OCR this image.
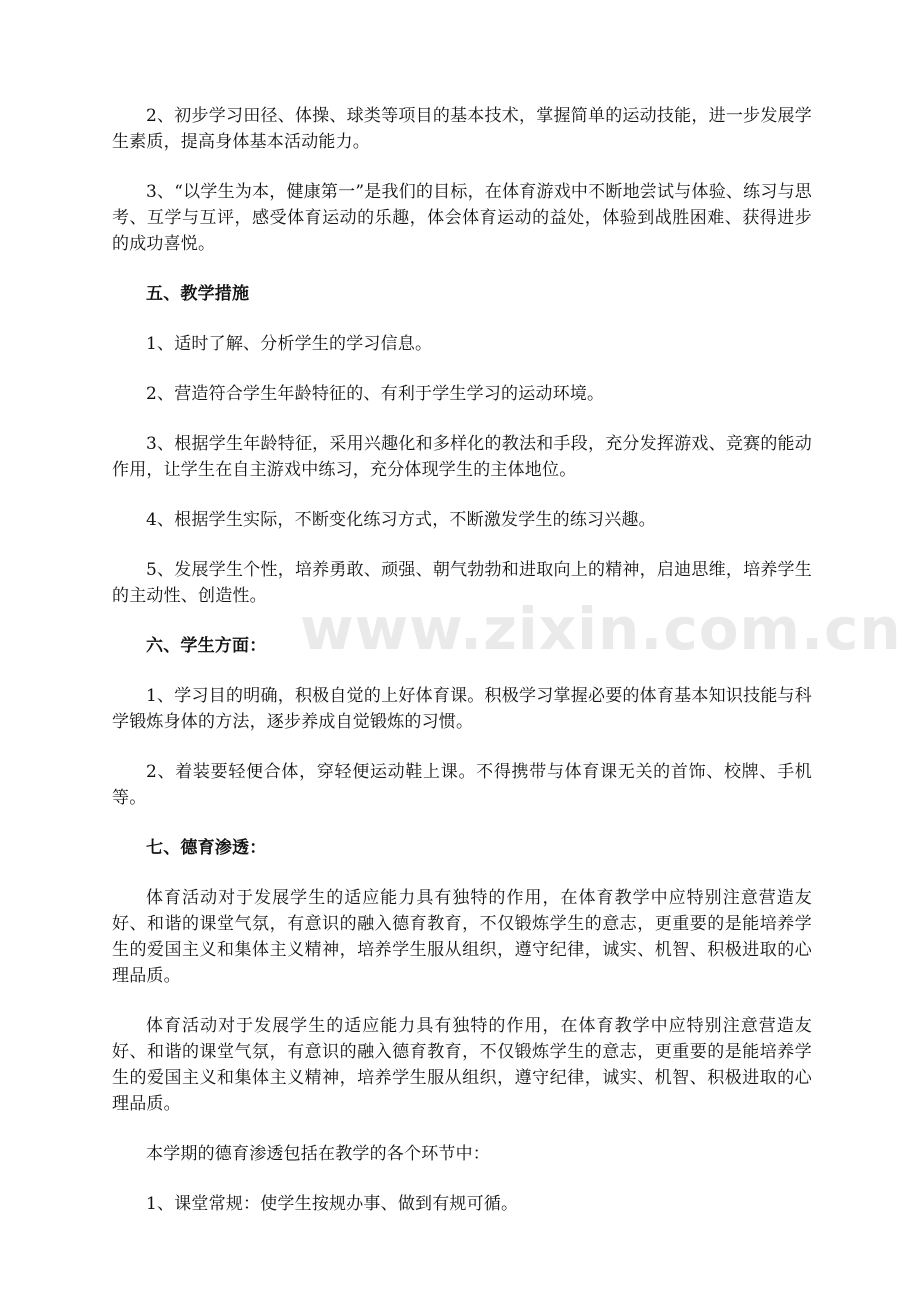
www.zixin.com.cn

2、初步学习田径、体操、球类等项目的基本技术，掌握简单的运动技能，进一步发展学生素质，提高身体基本活动能力。

3、“以学生为本，健康第一”是我们的目标，在体育游戏中不断地尝试与体验、练习与思考、互学与互评，感受体育运动的乐趣，体会体育运动的益处，体验到战胜困难、获得进步的成功喜悦。

五、教学措施

1、适时了解、分析学生的学习信息。

2、营造符合学生年龄特征的、有利于学生学习的运动环境。

3、根据学生年龄特征，采用兴趣化和多样化的教法和手段，充分发挥游戏、竞赛的能动作用，让学生在自主游戏中练习，充分体现学生的主体地位。

4、根据学生实际，不断变化练习方式，不断激发学生的练习兴趣。

5、发展学生个性，培养勇敢、顽强、朝气勃勃和进取向上的精神，启迪思维，培养学生的主动性、创造性。

六、学生方面：

1、学习目的明确，积极自觉的上好体育课。积极学习掌握必要的体育基本知识技能与科学锻炼身体的方法，逐步养成自觉锻炼的习惯。

2、着装要轻便合体，穿轻便运动鞋上课。不得携带与体育课无关的首饰、校牌、手机等。

七、德育渗透：

体育活动对于发展学生的适应能力具有独特的作用，在体育教学中应特别注意营造友好、和谐的课堂气氛，有意识的融入德育教育，不仅锻炼学生的意志，更重要的是能培养学生的爱国主义和集体主义精神，培养学生服从组织，遵守纪律，诚实、机智、积极进取的心理品质。

体育活动对于发展学生的适应能力具有独特的作用，在体育教学中应特别注意营造友好、和谐的课堂气氛，有意识的融入德育教育，不仅锻炼学生的意志，更重要的是能培养学生的爱国主义和集体主义精神，培养学生服从组织，遵守纪律，诚实、机智、积极进取的心理品质。

本学期的德育渗透包括在教学的各个环节中：

1、课堂常规：使学生按规办事、做到有规可循。
